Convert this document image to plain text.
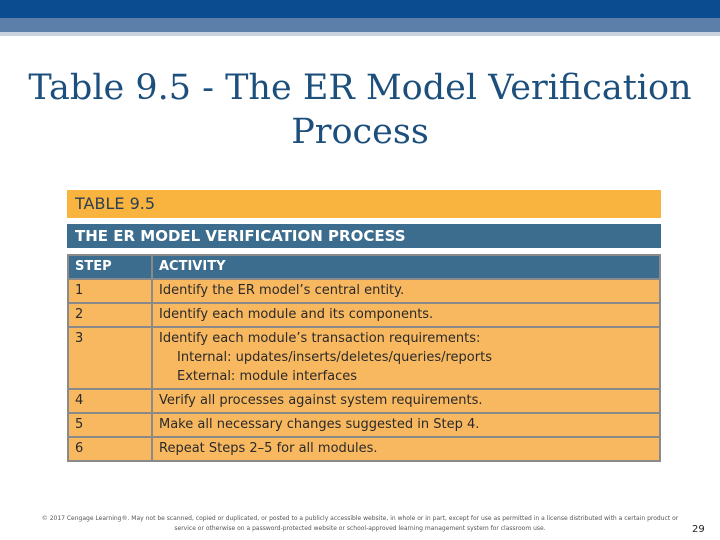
Table 9.5 - The ER Model Verification Process
TABLE 9.5
THE ER MODEL VERIFICATION PROCESS
STEP	ACTIVITY
1	Identify the ER model’s central entity.
2	Identify each module and its components.
3	Identify each module’s transaction requirements:
Internal: updates/inserts/deletes/queries/reports
External: module interfaces
4	Verify all processes against system requirements.
5	Make all necessary changes suggested in Step 4.
6	Repeat Steps 2–5 for all modules.
© 2017 Cengage Learning®. May not be scanned, copied or duplicated, or posted to a publicly accessible website, in whole or in part, except for use as permitted in a license distributed with a certain product or service or otherwise on a password-protected website or school-approved learning management system for classroom use.	29
